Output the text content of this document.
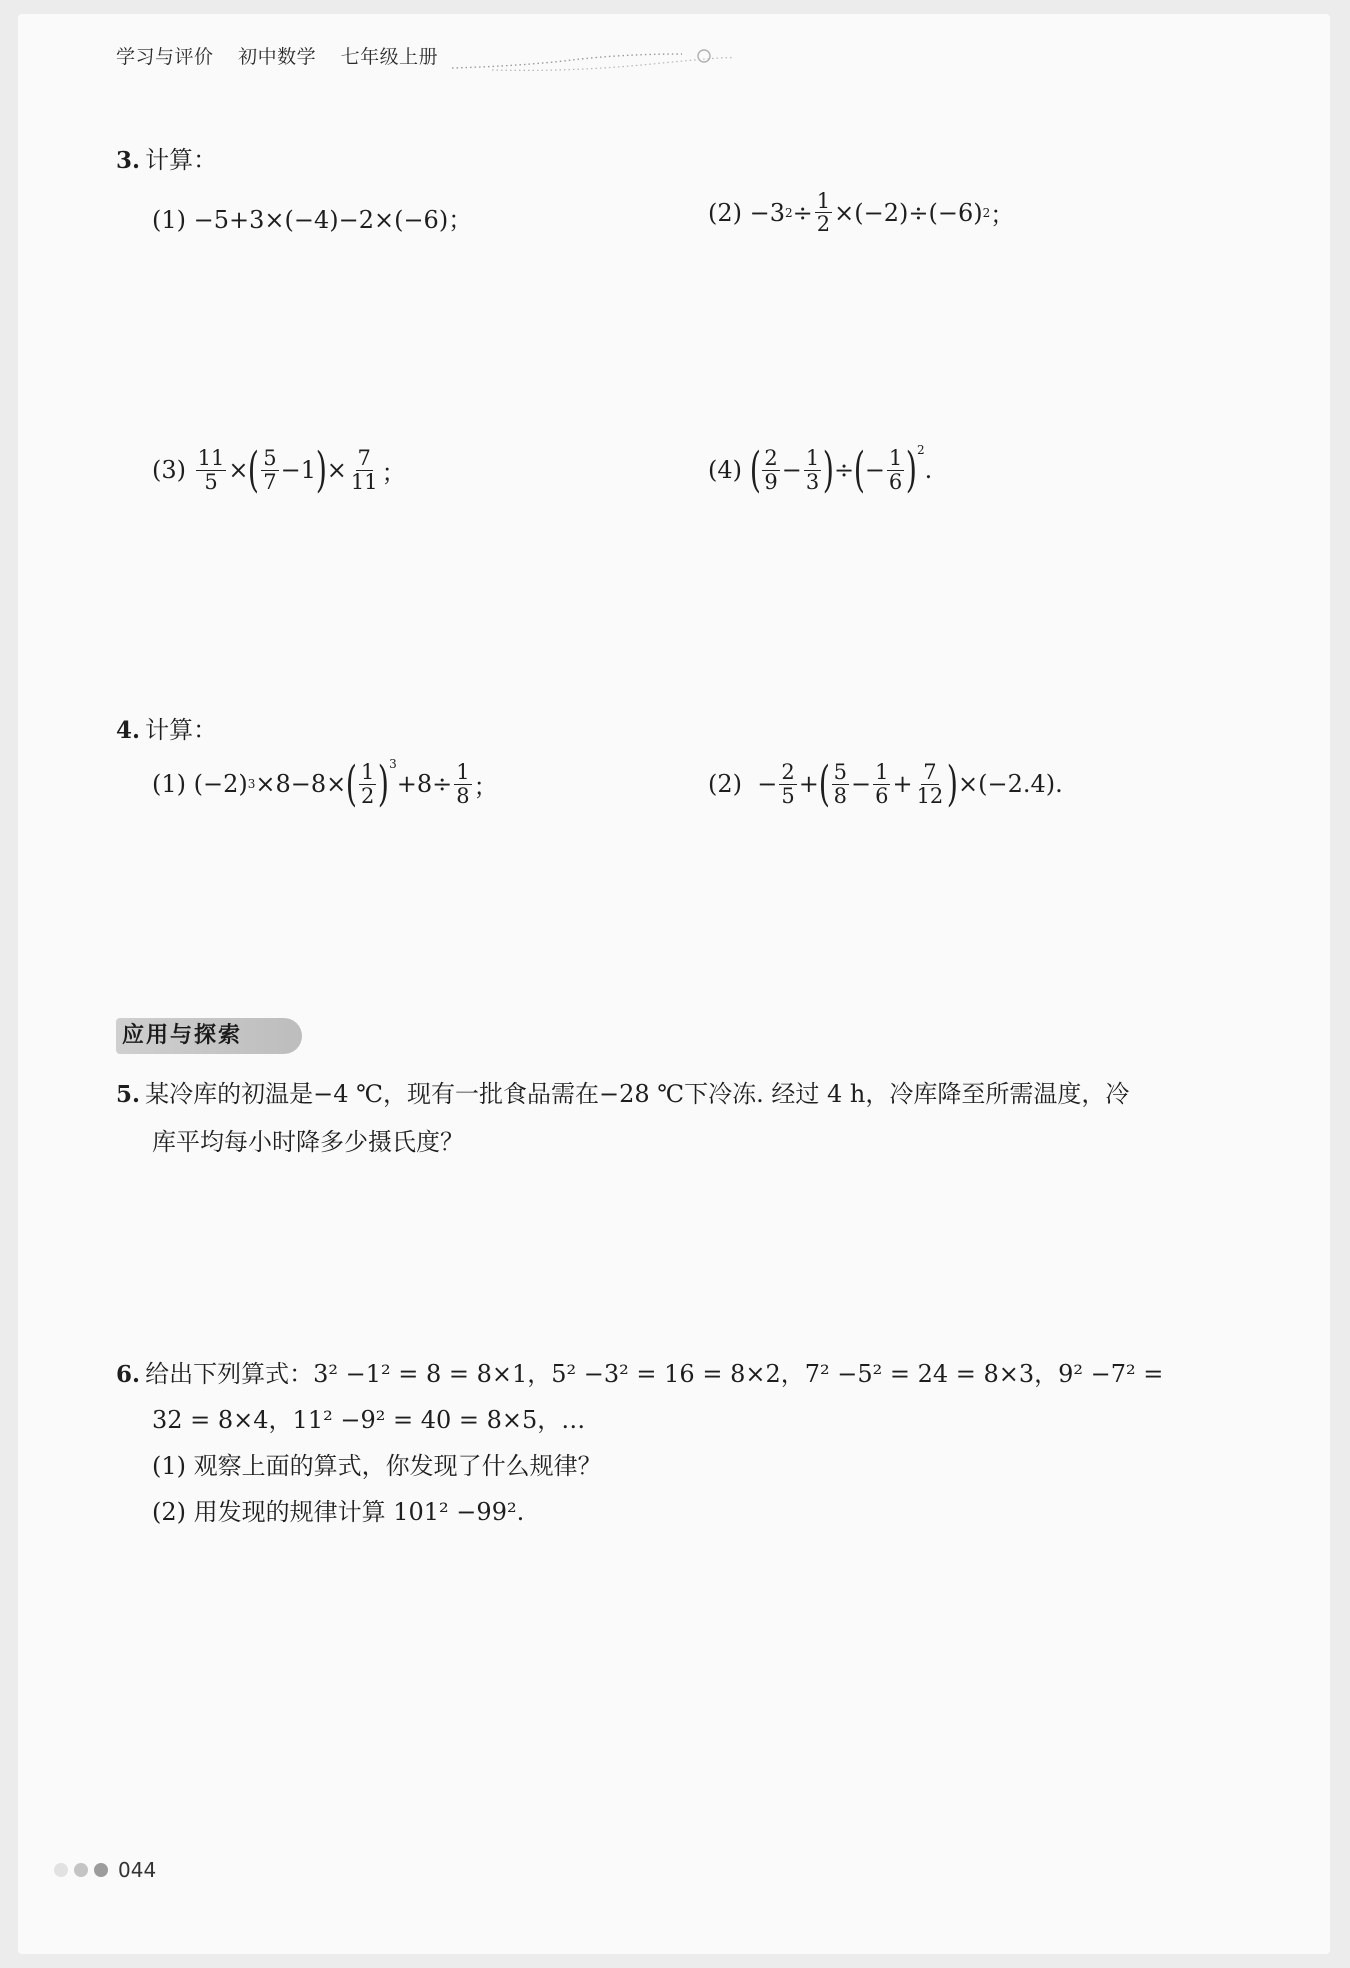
学习与评价 初中数学 七年级上册
3. 计算：
(1) −5+3×(−4)−2×(−6)；	(2)
−3 $2 \div \frac{1}{2} \times(-2)\div(-6)$ 2 ；
(3)
$\frac{11}{5}$ × ( $\frac{5}{7} -1$ ) × $\frac{7}{11}$ ；	(4)
( $\frac{2}{9} - \frac{1}{3}$ ) ÷ ( − $\frac{1}{6}$ ) 2
.
4. 计算：
(1)
(−2) 3 ×8−8× ( $\frac{1}{2}$ ) 3
$+8\div \frac{1}{8}$ ；	$(2) - \frac{2}{5}$ + ( $\frac{5}{8} - \frac{1}{6} + \frac{7}{12}$ ) ×(−2.4).
应用与探索
5. 某冷库的初温是−4 ℃，现有一批食品需在−28 ℃下冷冻. 经过 4 h，冷库降至所需温度，冷
库平均每小时降多少摄氏度？
6. 给出下列算式：3² −1² = 8 = 8×1，5² −3² = 16 = 8×2，7² −5² = 24 = 8×3，9² −7² =
32 = 8×4，11² −9² = 40 = 8×5，…
(1) 观察上面的算式，你发现了什么规律？
(2) 用发现的规律计算 101² −99².
044
